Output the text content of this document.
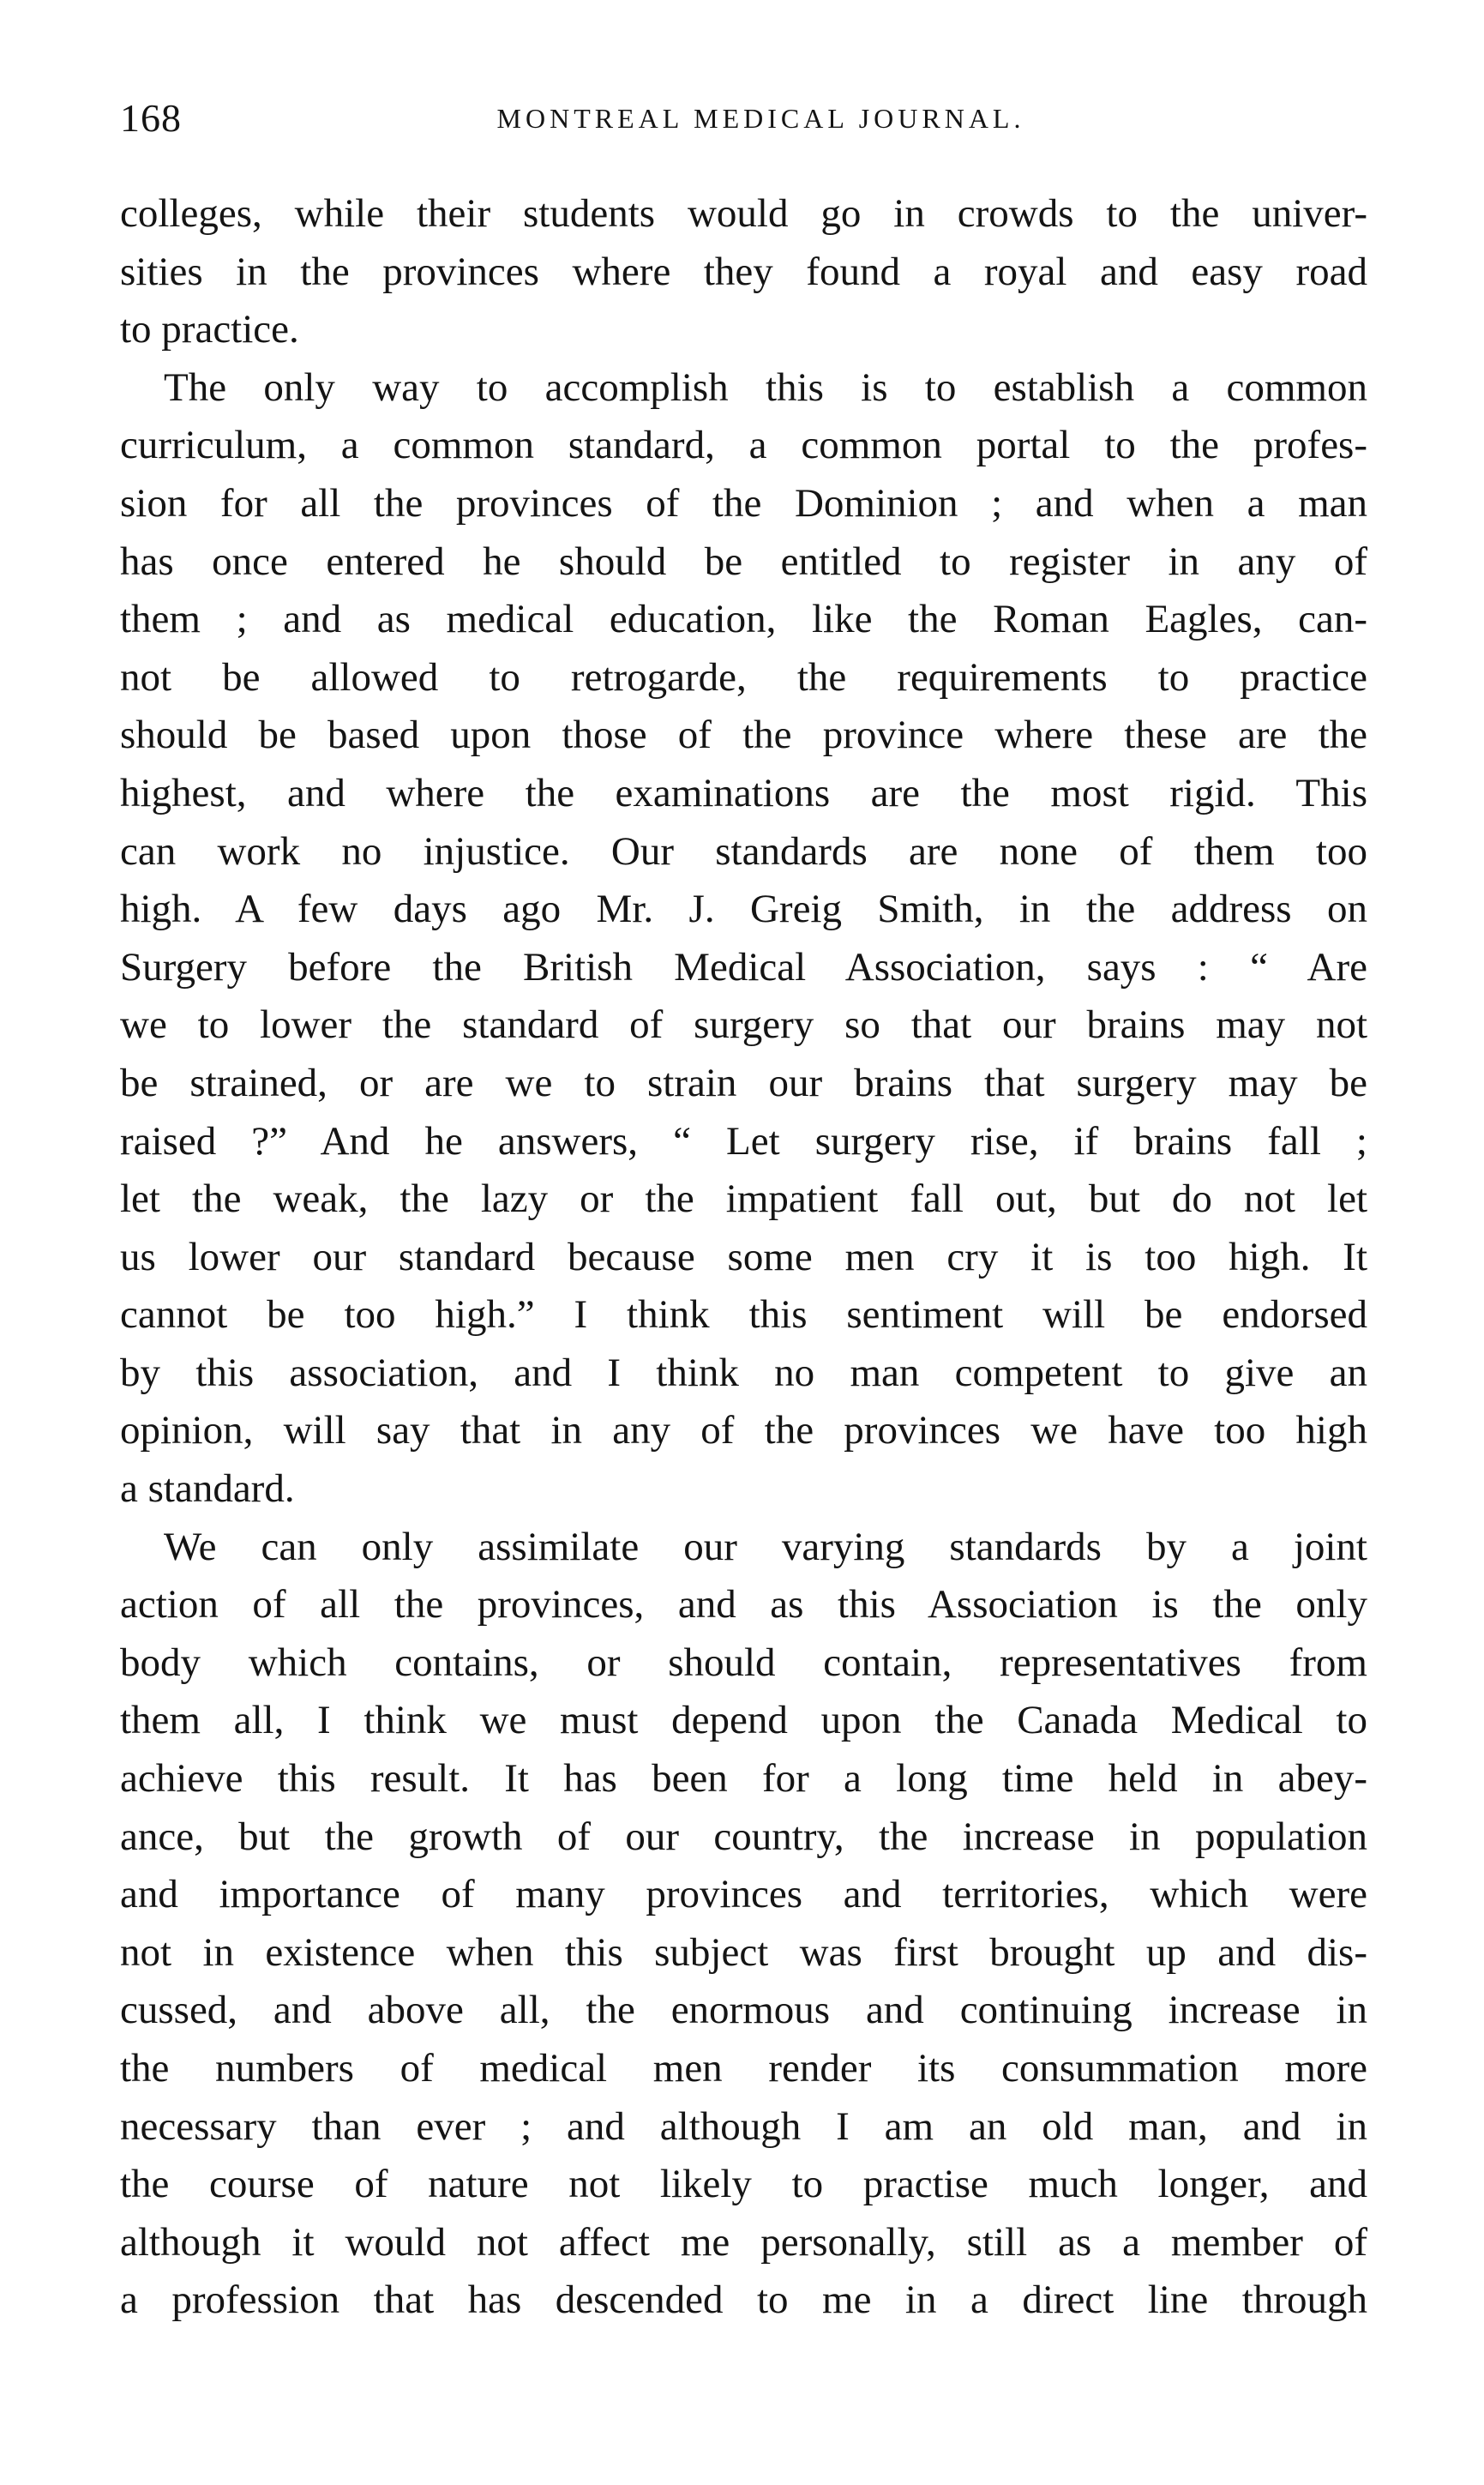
168	MONTREAL MEDICAL JOURNAL.
colleges, while their students would go in crowds to the univer-
sities in the provinces where they found a royal and easy road
to practice.
The only way to accomplish this is to establish a common
curriculum, a common standard, a common portal to the profes-
sion for all the provinces of the Dominion ; and when a man
has once entered he should be entitled to register in any of
them ; and as medical education, like the Roman Eagles, can-
not be allowed to retrogarde, the requirements to practice
should be based upon those of the province where these are the
highest, and where the examinations are the most rigid. This
can work no injustice. Our standards are none of them too
high. A few days ago Mr. J. Greig Smith, in the address on
Surgery before the British Medical Association, says : “ Are
we to lower the standard of surgery so that our brains may not
be strained, or are we to strain our brains that surgery may be
raised ?” And he answers, “ Let surgery rise, if brains fall ;
let the weak, the lazy or the impatient fall out, but do not let
us lower our standard because some men cry it is too high. It
cannot be too high.” I think this sentiment will be endorsed
by this association, and I think no man competent to give an
opinion, will say that in any of the provinces we have too high
a standard.
We can only assimilate our varying standards by a joint
action of all the provinces, and as this Association is the only
body which contains, or should contain, representatives from
them all, I think we must depend upon the Canada Medical to
achieve this result. It has been for a long time held in abey-
ance, but the growth of our country, the increase in population
and importance of many provinces and territories, which were
not in existence when this subject was first brought up and dis-
cussed, and above all, the enormous and continuing increase in
the numbers of medical men render its consummation more
necessary than ever ; and although I am an old man, and in
the course of nature not likely to practise much longer, and
although it would not affect me personally, still as a member of
a profession that has descended to me in a direct line through
